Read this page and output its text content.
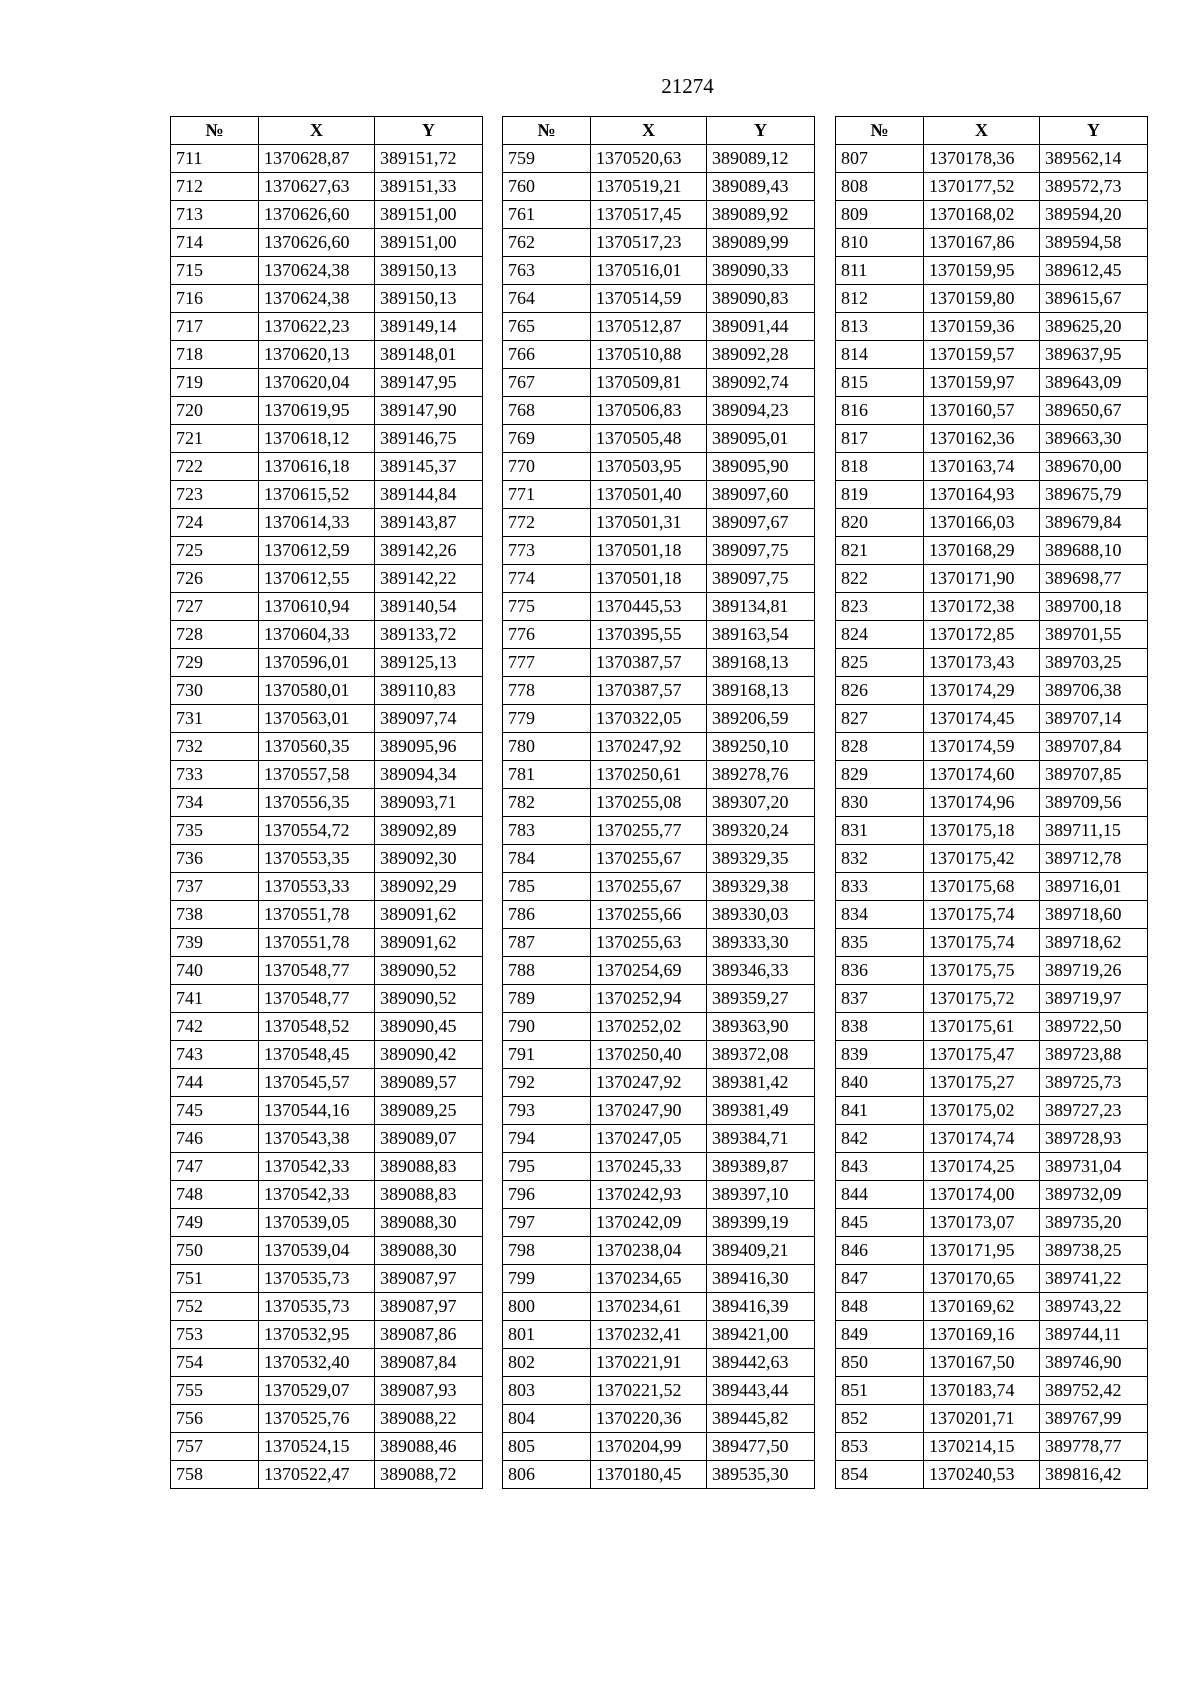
21274
№	X	Y
711	1370628,87	389151,72
712	1370627,63	389151,33
713	1370626,60	389151,00
714	1370626,60	389151,00
715	1370624,38	389150,13
716	1370624,38	389150,13
717	1370622,23	389149,14
718	1370620,13	389148,01
719	1370620,04	389147,95
720	1370619,95	389147,90
721	1370618,12	389146,75
722	1370616,18	389145,37
723	1370615,52	389144,84
724	1370614,33	389143,87
725	1370612,59	389142,26
726	1370612,55	389142,22
727	1370610,94	389140,54
728	1370604,33	389133,72
729	1370596,01	389125,13
730	1370580,01	389110,83
731	1370563,01	389097,74
732	1370560,35	389095,96
733	1370557,58	389094,34
734	1370556,35	389093,71
735	1370554,72	389092,89
736	1370553,35	389092,30
737	1370553,33	389092,29
738	1370551,78	389091,62
739	1370551,78	389091,62
740	1370548,77	389090,52
741	1370548,77	389090,52
742	1370548,52	389090,45
743	1370548,45	389090,42
744	1370545,57	389089,57
745	1370544,16	389089,25
746	1370543,38	389089,07
747	1370542,33	389088,83
748	1370542,33	389088,83
749	1370539,05	389088,30
750	1370539,04	389088,30
751	1370535,73	389087,97
752	1370535,73	389087,97
753	1370532,95	389087,86
754	1370532,40	389087,84
755	1370529,07	389087,93
756	1370525,76	389088,22
757	1370524,15	389088,46
758	1370522,47	389088,72
№	X	Y
759	1370520,63	389089,12
760	1370519,21	389089,43
761	1370517,45	389089,92
762	1370517,23	389089,99
763	1370516,01	389090,33
764	1370514,59	389090,83
765	1370512,87	389091,44
766	1370510,88	389092,28
767	1370509,81	389092,74
768	1370506,83	389094,23
769	1370505,48	389095,01
770	1370503,95	389095,90
771	1370501,40	389097,60
772	1370501,31	389097,67
773	1370501,18	389097,75
774	1370501,18	389097,75
775	1370445,53	389134,81
776	1370395,55	389163,54
777	1370387,57	389168,13
778	1370387,57	389168,13
779	1370322,05	389206,59
780	1370247,92	389250,10
781	1370250,61	389278,76
782	1370255,08	389307,20
783	1370255,77	389320,24
784	1370255,67	389329,35
785	1370255,67	389329,38
786	1370255,66	389330,03
787	1370255,63	389333,30
788	1370254,69	389346,33
789	1370252,94	389359,27
790	1370252,02	389363,90
791	1370250,40	389372,08
792	1370247,92	389381,42
793	1370247,90	389381,49
794	1370247,05	389384,71
795	1370245,33	389389,87
796	1370242,93	389397,10
797	1370242,09	389399,19
798	1370238,04	389409,21
799	1370234,65	389416,30
800	1370234,61	389416,39
801	1370232,41	389421,00
802	1370221,91	389442,63
803	1370221,52	389443,44
804	1370220,36	389445,82
805	1370204,99	389477,50
806	1370180,45	389535,30
№	X	Y
807	1370178,36	389562,14
808	1370177,52	389572,73
809	1370168,02	389594,20
810	1370167,86	389594,58
811	1370159,95	389612,45
812	1370159,80	389615,67
813	1370159,36	389625,20
814	1370159,57	389637,95
815	1370159,97	389643,09
816	1370160,57	389650,67
817	1370162,36	389663,30
818	1370163,74	389670,00
819	1370164,93	389675,79
820	1370166,03	389679,84
821	1370168,29	389688,10
822	1370171,90	389698,77
823	1370172,38	389700,18
824	1370172,85	389701,55
825	1370173,43	389703,25
826	1370174,29	389706,38
827	1370174,45	389707,14
828	1370174,59	389707,84
829	1370174,60	389707,85
830	1370174,96	389709,56
831	1370175,18	389711,15
832	1370175,42	389712,78
833	1370175,68	389716,01
834	1370175,74	389718,60
835	1370175,74	389718,62
836	1370175,75	389719,26
837	1370175,72	389719,97
838	1370175,61	389722,50
839	1370175,47	389723,88
840	1370175,27	389725,73
841	1370175,02	389727,23
842	1370174,74	389728,93
843	1370174,25	389731,04
844	1370174,00	389732,09
845	1370173,07	389735,20
846	1370171,95	389738,25
847	1370170,65	389741,22
848	1370169,62	389743,22
849	1370169,16	389744,11
850	1370167,50	389746,90
851	1370183,74	389752,42
852	1370201,71	389767,99
853	1370214,15	389778,77
854	1370240,53	389816,42
